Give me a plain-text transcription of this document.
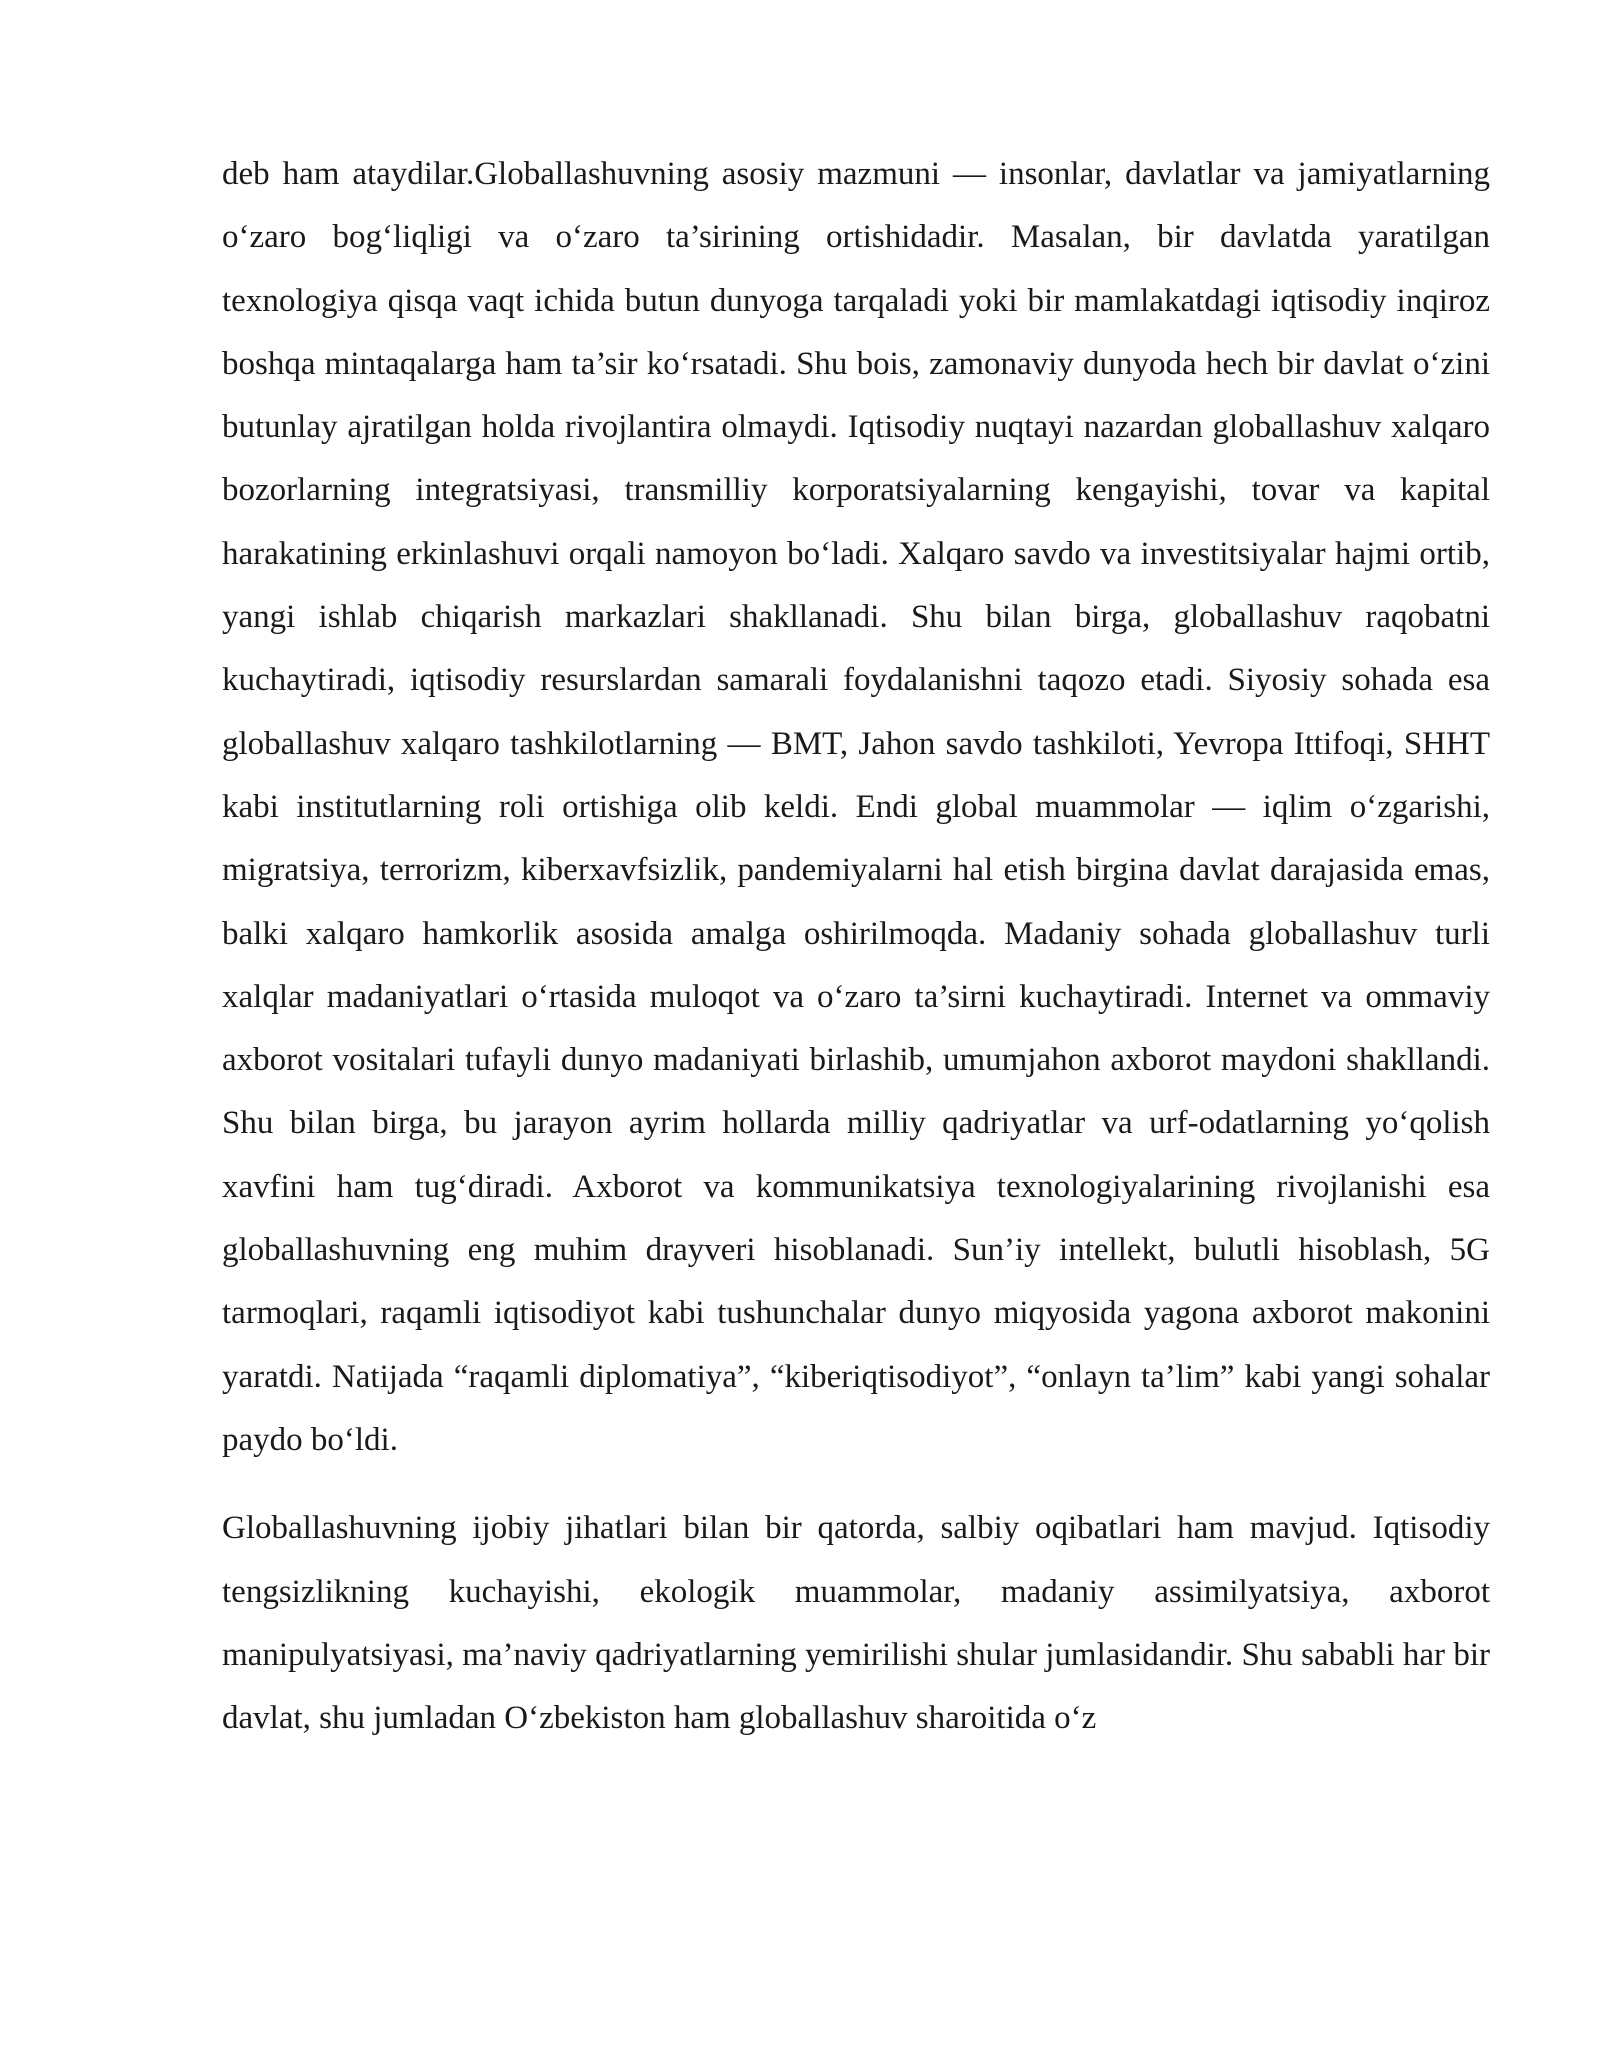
deb ham ataydilar.Globallashuvning asosiy mazmuni — insonlar, davlatlar va jamiyatlarning o‘zaro bog‘liqligi va o‘zaro ta’sirining ortishidadir. Masalan, bir davlatda yaratilgan texnologiya qisqa vaqt ichida butun dunyoga tarqaladi yoki bir mamlakatdagi iqtisodiy inqiroz boshqa mintaqalarga ham ta’sir ko‘rsatadi. Shu bois, zamonaviy dunyoda hech bir davlat o‘zini butunlay ajratilgan holda rivojlantira olmaydi. Iqtisodiy nuqtayi nazardan globallashuv xalqaro bozorlarning integratsiyasi, transmilliy korporatsiyalarning kengayishi, tovar va kapital harakatining erkinlashuvi orqali namoyon bo‘ladi. Xalqaro savdo va investitsiyalar hajmi ortib, yangi ishlab chiqarish markazlari shakllanadi. Shu bilan birga, globallashuv raqobatni kuchaytiradi, iqtisodiy resurslardan samarali foydalanishni taqozo etadi. Siyosiy sohada esa globallashuv xalqaro tashkilotlarning — BMT, Jahon savdo tashkiloti, Yevropa Ittifoqi, SHHT kabi institutlarning roli ortishiga olib keldi. Endi global muammolar — iqlim o‘zgarishi, migratsiya, terrorizm, kiberxavfsizlik, pandemiyalarni hal etish birgina davlat darajasida emas, balki xalqaro hamkorlik asosida amalga oshirilmoqda. Madaniy sohada globallashuv turli xalqlar madaniyatlari o‘rtasida muloqot va o‘zaro ta’sirni kuchaytiradi. Internet va ommaviy axborot vositalari tufayli dunyo madaniyati birlashib, umumjahon axborot maydoni shakllandi. Shu bilan birga, bu jarayon ayrim hollarda milliy qadriyatlar va urf-odatlarning yo‘qolish xavfini ham tug‘diradi. Axborot va kommunikatsiya texnologiyalarining rivojlanishi esa globallashuvning eng muhim drayveri hisoblanadi. Sun’iy intellekt, bulutli hisoblash, 5G tarmoqlari, raqamli iqtisodiyot kabi tushunchalar dunyo miqyosida yagona axborot makonini yaratdi. Natijada “raqamli diplomatiya”, “kiberiqtisodiyot”, “onlayn ta’lim” kabi yangi sohalar paydo bo‘ldi.

Globallashuvning ijobiy jihatlari bilan bir qatorda, salbiy oqibatlari ham mavjud. Iqtisodiy tengsizlikning kuchayishi, ekologik muammolar, madaniy assimilyatsiya, axborot manipulyatsiyasi, ma’naviy qadriyatlarning yemirilishi shular jumlasidandir. Shu sababli har bir davlat, shu jumladan O‘zbekiston ham globallashuv sharoitida o‘z
